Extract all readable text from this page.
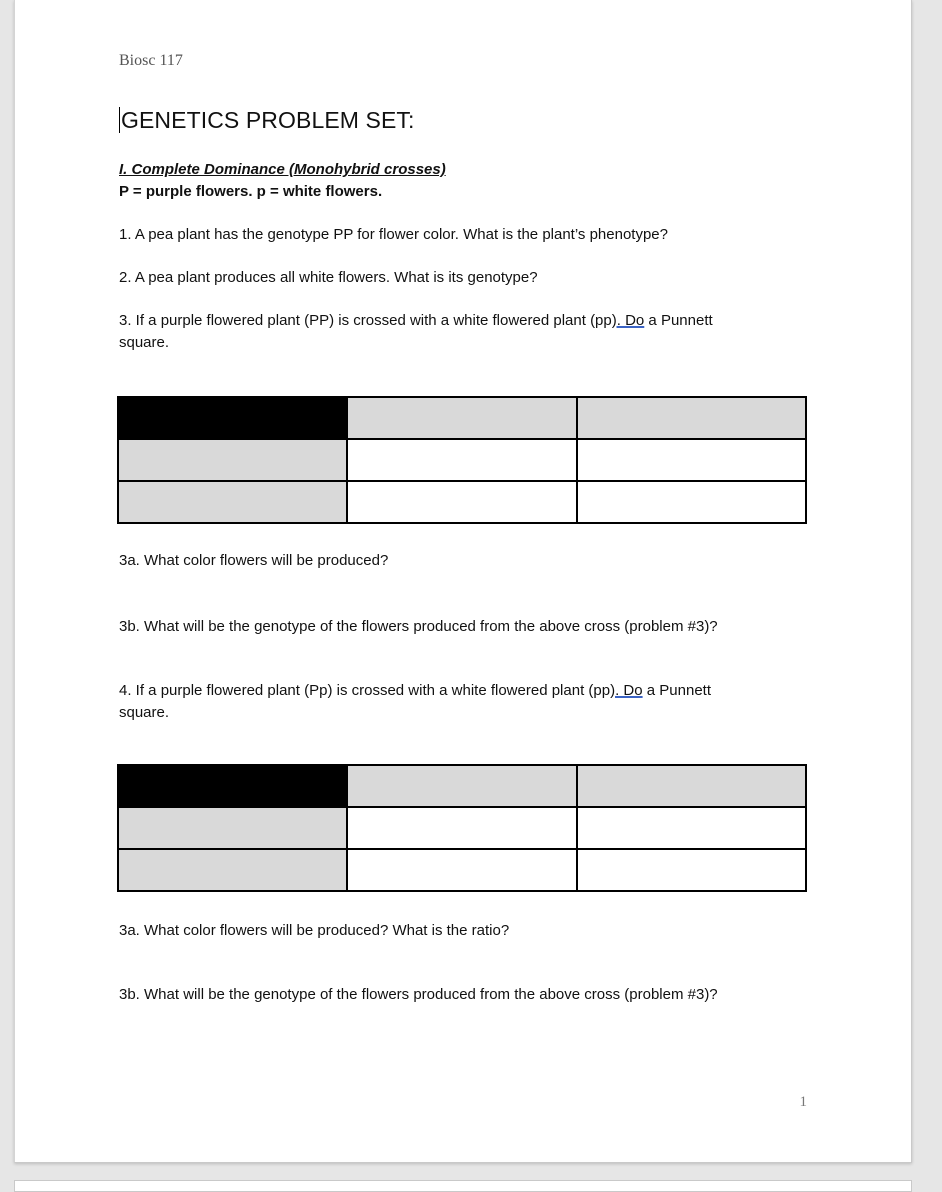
Biosc 117
GENETICS PROBLEM SET:
I. Complete Dominance (Monohybrid crosses)
P = purple flowers. p = white flowers.
1. A pea plant has the genotype PP for flower color. What is the plant’s phenotype?
2. A pea plant produces all white flowers. What is its genotype?
3. If a purple flowered plant (PP) is crossed with a white flowered plant (pp). Do a Punnett
square.

3a. What color flowers will be produced?
3b. What will be the genotype of the flowers produced from the above cross (problem #3)?
4. If a purple flowered plant (Pp) is crossed with a white flowered plant (pp). Do a Punnett
square.

3a. What color flowers will be produced? What is the ratio?
3b. What will be the genotype of the flowers produced from the above cross (problem #3)?
1
